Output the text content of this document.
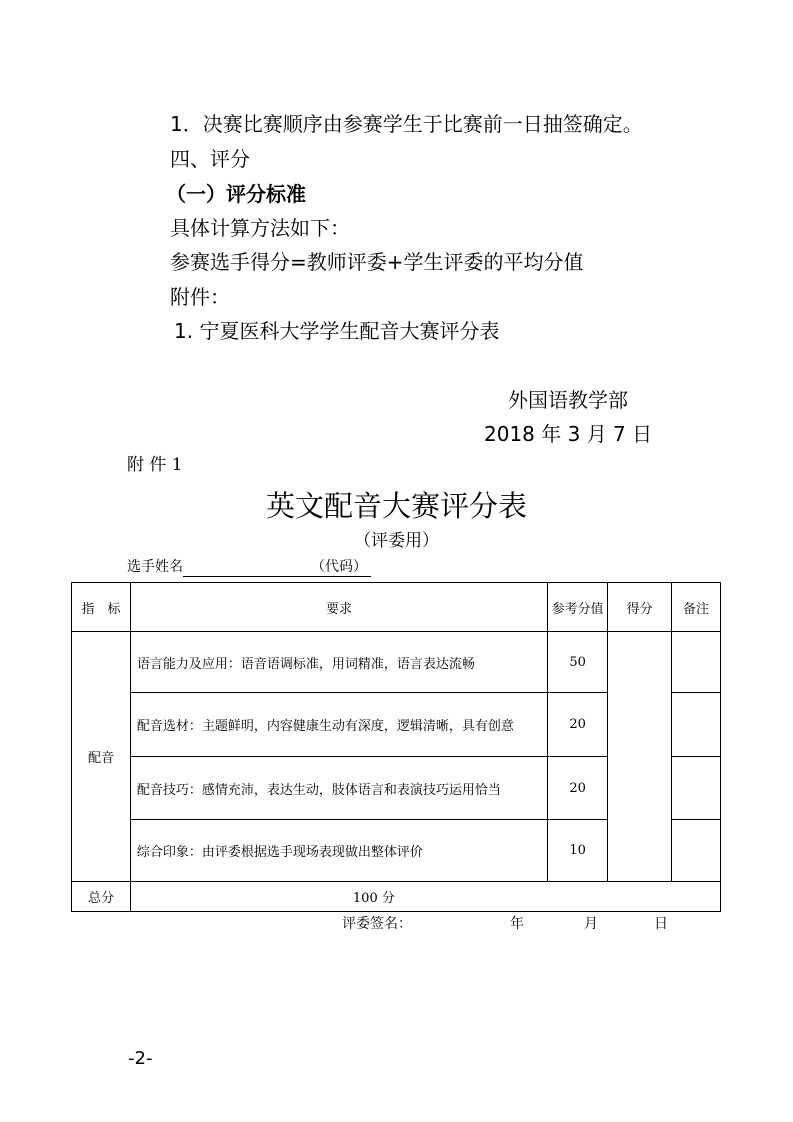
1．决赛比赛顺序由参赛学生于比赛前一日抽签确定。
四、评分
（一）评分标准
具体计算方法如下：
参赛选手得分=教师评委+学生评委的平均分值
附件：
1. 宁夏医科大学学生配音大赛评分表
外国语教学部
2018 年 3 月 7 日
附 件 1
英文配音大赛评分表
（评委用）
选手姓名	（代码）
指　标	要求	参考分值	得分	备注
配音	语言能力及应用：语音语调标准，用词精准，语言表达流畅	50		
	配音选材：主题鲜明，内容健康生动有深度，逻辑清晰，具有创意	20		
	配音技巧：感情充沛，表达生动，肢体语言和表演技巧运用恰当	20		
	综合印象：由评委根据选手现场表现做出整体评价	10		
总分	100 分			
评委签名：	年	月	日
-2-
